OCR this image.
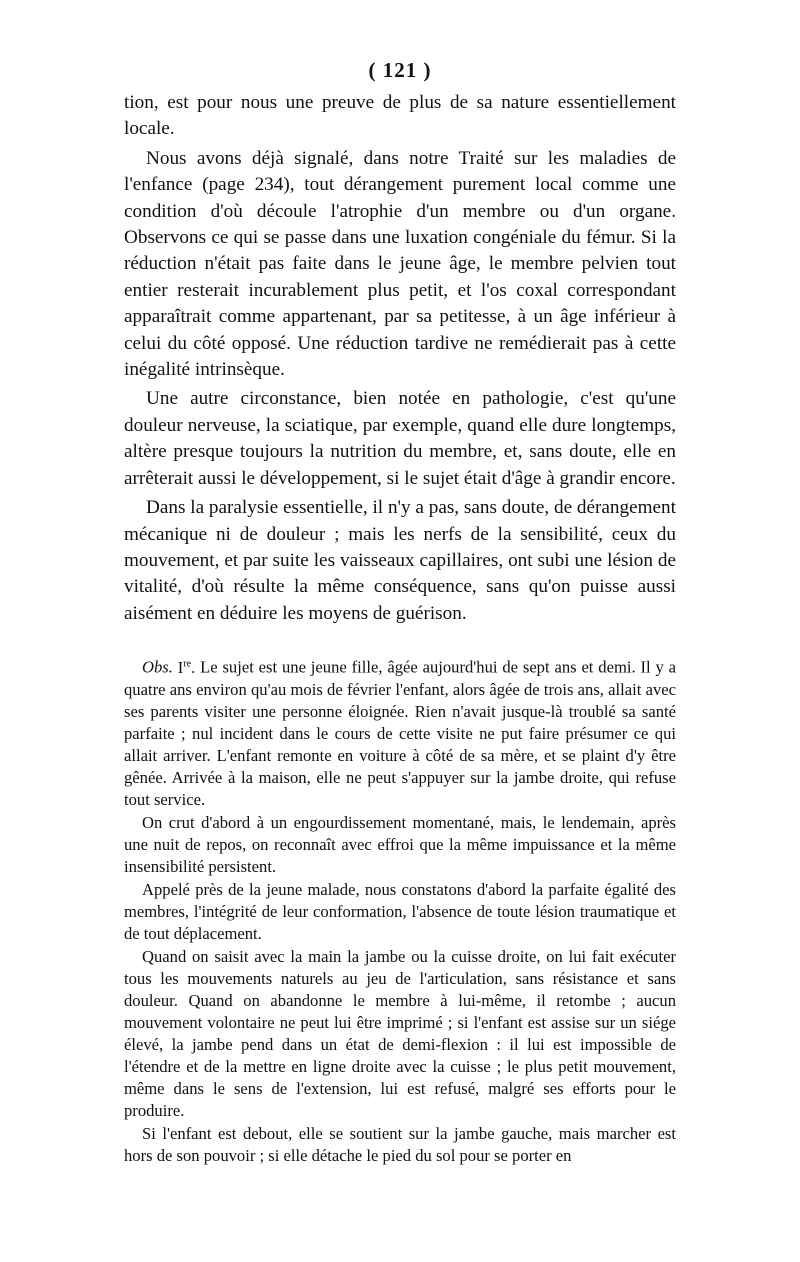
( 121 )

tion, est pour nous une preuve de plus de sa nature essentiellement locale.

Nous avons déjà signalé, dans notre Traité sur les maladies de l'enfance (page 234), tout dérangement purement local comme une condition d'où découle l'atrophie d'un membre ou d'un organe. Observons ce qui se passe dans une luxation congéniale du fémur. Si la réduction n'était pas faite dans le jeune âge, le membre pelvien tout entier resterait incurablement plus petit, et l'os coxal correspondant apparaîtrait comme appartenant, par sa petitesse, à un âge inférieur à celui du côté opposé. Une réduction tardive ne remédierait pas à cette inégalité intrinsèque.

Une autre circonstance, bien notée en pathologie, c'est qu'une douleur nerveuse, la sciatique, par exemple, quand elle dure longtemps, altère presque toujours la nutrition du membre, et, sans doute, elle en arrêterait aussi le développement, si le sujet était d'âge à grandir encore.

Dans la paralysie essentielle, il n'y a pas, sans doute, de dérangement mécanique ni de douleur ; mais les nerfs de la sensibilité, ceux du mouvement, et par suite les vaisseaux capillaires, ont subi une lésion de vitalité, d'où résulte la même conséquence, sans qu'on puisse aussi aisément en déduire les moyens de guérison.

Obs. Ire. Le sujet est une jeune fille, âgée aujourd'hui de sept ans et demi. Il y a quatre ans environ qu'au mois de février l'enfant, alors âgée de trois ans, allait avec ses parents visiter une personne éloignée. Rien n'avait jusque-là troublé sa santé parfaite ; nul incident dans le cours de cette visite ne put faire présumer ce qui allait arriver. L'enfant remonte en voiture à côté de sa mère, et se plaint d'y être gênée. Arrivée à la maison, elle ne peut s'appuyer sur la jambe droite, qui refuse tout service.

On crut d'abord à un engourdissement momentané, mais, le lendemain, après une nuit de repos, on reconnaît avec effroi que la même impuissance et la même insensibilité persistent.

Appelé près de la jeune malade, nous constatons d'abord la parfaite égalité des membres, l'intégrité de leur conformation, l'absence de toute lésion traumatique et de tout déplacement.

Quand on saisit avec la main la jambe ou la cuisse droite, on lui fait exécuter tous les mouvements naturels au jeu de l'articulation, sans résistance et sans douleur. Quand on abandonne le membre à lui-même, il retombe ; aucun mouvement volontaire ne peut lui être imprimé ; si l'enfant est assise sur un siége élevé, la jambe pend dans un état de demi-flexion : il lui est impossible de l'étendre et de la mettre en ligne droite avec la cuisse ; le plus petit mouvement, même dans le sens de l'extension, lui est refusé, malgré ses efforts pour le produire.

Si l'enfant est debout, elle se soutient sur la jambe gauche, mais marcher est hors de son pouvoir ; si elle détache le pied du sol pour se porter en
